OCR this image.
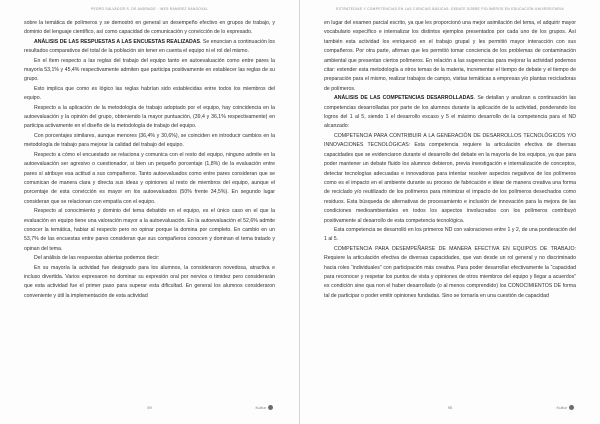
PEDRO SALVADOR S. DE ANDRADE · INES RAMIREZ SANDOVAL

sobre la temática de polímeros y se demostró en general un desempeño efectivo en grupos de trabajo, y dominio del lenguaje científico, así como capacidad de comunicación y convicción de lo expresado.

ANÁLISIS DE LAS RESPUESTAS A LAS ENCUESTAS REALIZADAS. Se enuncian a continuación los resultados comparativos del total de la población sin tener en cuenta el equipo ni el rol del mismo.

En el ítem respecto a las reglas del trabajo del equipo tanto en autoevaluación como entre pares la mayoría 53,1% y 45,4% respectivamente admiten que participa positivamente en establecer las reglas de su grupo.

Esto implica que como es lógico las reglas habrían sido establecidas entre todos los miembros del equipo.

Respecto a la aplicación de la metodología de trabajo adoptado por el equipo, hay coincidencia en la autoevaluación y la opinión del grupo, obteniendo la mayor puntuación, (39,4 y 36,1% respectivamente) en participa activamente en el diseño de la metodología de trabajo del equipo.

Con porcentajes similares, aunque menores (36,4% y 30,6%), se coinciden en introducir cambios en la metodología de trabajo para mejorar la calidad del trabajo del equipo.

Respecto a cómo el encuestado se relaciona y comunica con el resto del equipo, ninguno admite en la autoevaluación ser agresivo o cuestionador, si bien un pequeño porcentaje (1,8%) de la evaluación entre pares sí atribuye esa actitud a sus compañeros. Tanto autoevaluados como entre pares consideran que se comunican de manera clara y directa sus ideas y opiniones al resto de miembros del equipo, aunque el porcentaje de esta convicción es mayor en los autoevaluados (50% frente 34,5%). En segundo lugar consideran que se relacionan con empatía con el equipo.

Respecto al conocimiento y dominio del tema debatido en el equipo, es el único caso en el que la evaluación en equipo tiene una valoración mayor a la autoevaluación. En la autoevaluación el 52,6% admite conocer la temática, habiar al respecto pero no opinar porque la domina por completo. En cambio en un 53,7% de las encuestas entre pares consideran que sus compañeros conocen y dominan el tema tratado y opinan del tema.

Del análisis de las respuestas abiertas podemos decir:

En su mayoría la actividad fue designado para los alumnos, la consideraron novedosa, atractiva e incluso divertida. Varios expresaron no dominar su expresión oral por nervios o timidez pero considerarán que esta actividad fue el primer paso para superar esta dificultad. En general los alumnos consideraron conveniente y útil la implementación de esta actividad

59	Kultur
ESTRATEGIAS Y COMPETENCIAS EN LAS CIENCIAS BÁSICAS: DEBATE SOBRE POLÍMEROS EN EDUCACIÓN UNIVERSITARIA

en lugar del examen parcial escrito, ya que les proporcionó una mejor asimilación del tema, el adquirir mayor vocabulario específico e internalizar los distintos ejemplos presentados por cada uno de los grupos. Así también esta actividad los enriqueció en el trabajo grupal y les permitió mayor interacción con sus compañeros. Por otra parte, afirman que les permitió tomar conciencia de los problemas de contaminación ambiental que presentan ciertos polímeros. En relación a las sugerencias para mejorar la actividad podemos citar: extender esta metodología a otros temas de la materia, incrementar el tiempo de debate y el tiempo de preparación para el mismo, realizar trabajos de campo, visitas temáticas a empresas y/o plantas recicladoras de polímeros.

ANÁLISIS DE LAS COMPETENCIAS DESARROLLADAS. Se detallan y analizan a continuación las competencias desarrolladas por parte de los alumnos durante la aplicación de la actividad, ponderando los logros del 1 al 5, siendo 1 el desarrollo escaso y 5 el máximo desarrollo de la competencia para el ND alcanzado:

COMPETENCIA PARA CONTRIBUIR A LA GENERACIÓN DE DESARROLLOS TECNOLÓGICOS Y/O INNOVACIONES TECNOLÓGICAS: Esta competencia requiere la articulación efectiva de diversas capacidades que se evidenciaron durante el desarrollo del debate en la mayoría de los equipos, ya que para poder mantener un debate fluido los alumnos debieron, previa investigación e internalización de conceptos, detectar tecnologías adecuadas e innovadoras para intentar resolver aspectos negativos de los polímeros como es el impacto en el ambiente durante su proceso de fabricación e idear de manera creativa una forma de reciclado y/o reutilizado de los polímeros para minimizar el impacto de los polímeros desechados como residuos. Esta búsqueda de alternativas de procesamiento e inclusión de innovación para la mejora de las condiciones medioambientales en todos los aspectos involucrados con los polímeros contribuyó positivamente al desarrollo de esta competencia tecnológica.

Esta competencia se desarrolló en los primeros ND con valoraciones entre 1 y 2, de una ponderación del 1 al 5.

COMPETENCIA PARA DESEMPEÑARSE DE MANERA EFECTIVA EN EQUIPOS DE TRABAJO: Requiere la articulación efectiva de diversas capacidades, que van desde un rol general y no discriminado hacia roles “individuales” con participación más creativa. Para poder desarrollar efectivamente la “capacidad para reconocer y respetar los puntos de vista y opiniones de otros miembros del equipo y llegar a acuerdos” es condición sine qua non el haber desarrollado (o al menos comprendido) los CONOCIMIENTOS DE forma tal de participar o poder emitir opiniones fundadas. Sino se tornaría en una cuestión de capacidad

95	Kultur
